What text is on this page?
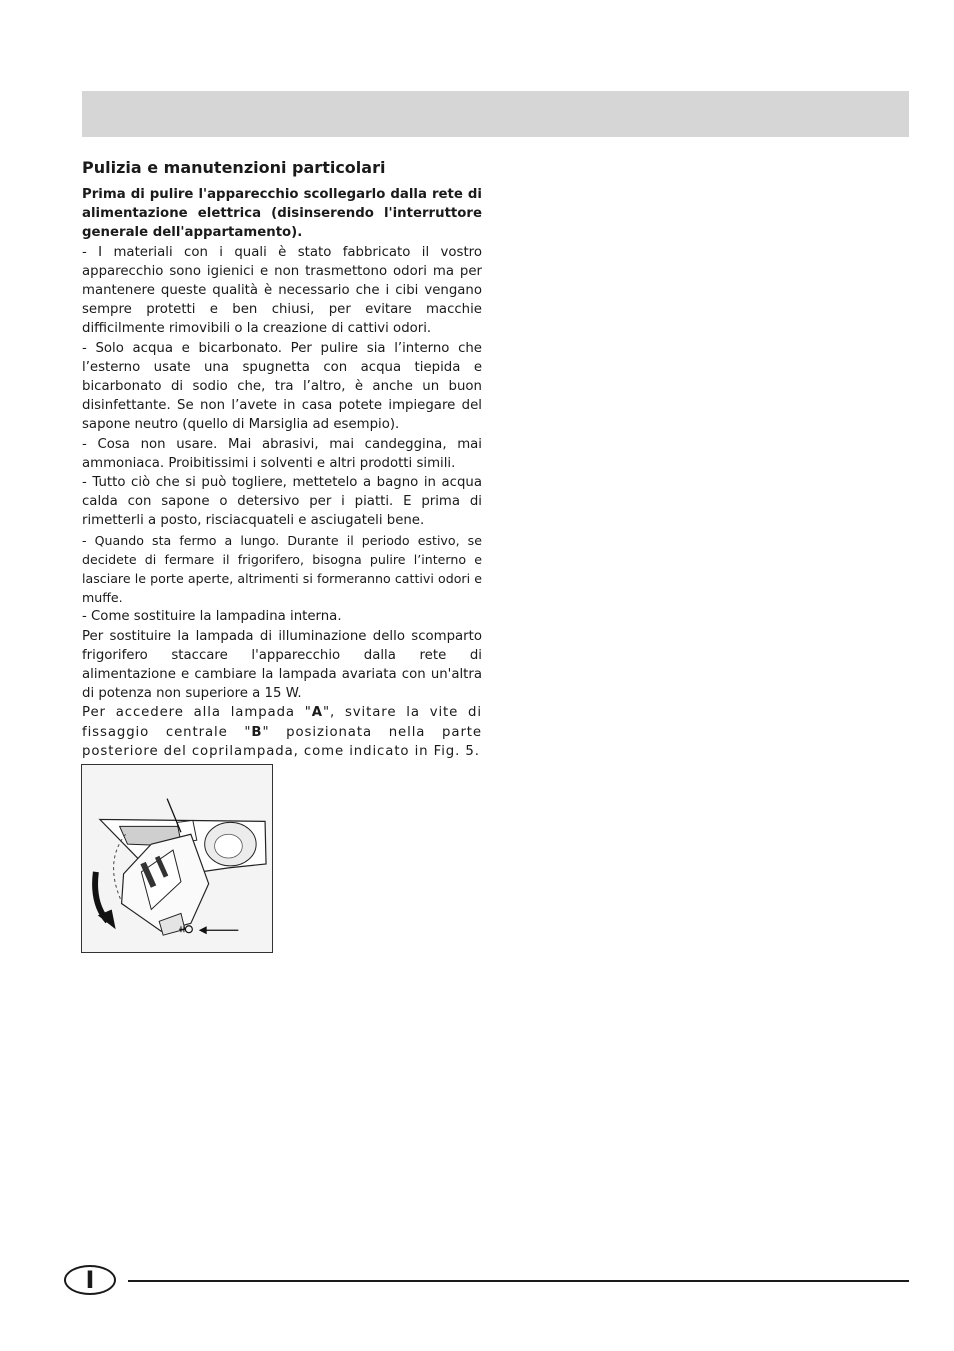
Pulizia e manutenzioni particolari

Prima di pulire l'apparecchio scollegarlo dalla rete di alimentazione elettrica (disinserendo l'interruttore generale dell'appartamento).

- I materiali con i quali è stato fabbricato il vostro apparecchio sono igienici e non trasmettono odori ma per mantenere queste qualità è necessario che i cibi vengano sempre protetti e ben chiusi, per evitare macchie difficilmente rimovibili o la creazione di cattivi odori.

- Solo acqua e bicarbonato. Per pulire sia l’interno che l’esterno usate una spugnetta con acqua tiepida e bicarbonato di sodio che, tra l’altro, è anche un buon disinfettante. Se non l’avete in casa potete impiegare del sapone neutro (quello di Marsiglia ad esempio).

- Cosa non usare. Mai abrasivi, mai candeggina, mai ammoniaca. Proibitissimi i solventi e altri prodotti simili.

- Tutto ciò che si può togliere, mettetelo a bagno in acqua calda con sapone o detersivo per i piatti. E prima di rimetterli a posto, risciacquateli e asciugateli bene.

- Quando sta fermo a lungo. Durante il periodo estivo, se decidete di fermare il frigorifero, bisogna pulire l’interno e lasciare le porte aperte, altrimenti si formeranno cattivi odori e muffe.

- Come sostituire la lampadina interna.

Per sostituire la lampada di illuminazione dello scomparto frigorifero staccare l'apparecchio dalla rete di alimentazione e cambiare la lampada avariata con un'altra di potenza non superiore a 15 W.

Per accedere alla lampada "A", svitare la vite di fissaggio centrale "B" posizionata nella parte posteriore del coprilampada, come indicato in Fig. 5.

I
